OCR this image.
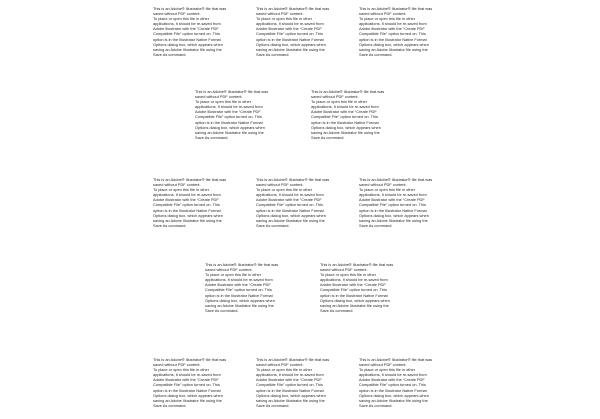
This is an Adobe® Illustrator® file that was
saved without PDF content.
To place or open this file in other
applications, it should be re-saved from
Adobe Illustrator with the “Create PDF
Compatible File” option turned on. This
option is in the Illustrator Native Format
Options dialog box, which appears when
saving an Adobe Illustrator file using the
Save As command.
This is an Adobe® Illustrator® file that was
saved without PDF content.
To place or open this file in other
applications, it should be re-saved from
Adobe Illustrator with the “Create PDF
Compatible File” option turned on. This
option is in the Illustrator Native Format
Options dialog box, which appears when
saving an Adobe Illustrator file using the
Save As command.
This is an Adobe® Illustrator® file that was
saved without PDF content.
To place or open this file in other
applications, it should be re-saved from
Adobe Illustrator with the “Create PDF
Compatible File” option turned on. This
option is in the Illustrator Native Format
Options dialog box, which appears when
saving an Adobe Illustrator file using the
Save As command.
This is an Adobe® Illustrator® file that was
saved without PDF content.
To place or open this file in other
applications, it should be re-saved from
Adobe Illustrator with the “Create PDF
Compatible File” option turned on. This
option is in the Illustrator Native Format
Options dialog box, which appears when
saving an Adobe Illustrator file using the
Save As command.
This is an Adobe® Illustrator® file that was
saved without PDF content.
To place or open this file in other
applications, it should be re-saved from
Adobe Illustrator with the “Create PDF
Compatible File” option turned on. This
option is in the Illustrator Native Format
Options dialog box, which appears when
saving an Adobe Illustrator file using the
Save As command.
This is an Adobe® Illustrator® file that was
saved without PDF content.
To place or open this file in other
applications, it should be re-saved from
Adobe Illustrator with the “Create PDF
Compatible File” option turned on. This
option is in the Illustrator Native Format
Options dialog box, which appears when
saving an Adobe Illustrator file using the
Save As command.
This is an Adobe® Illustrator® file that was
saved without PDF content.
To place or open this file in other
applications, it should be re-saved from
Adobe Illustrator with the “Create PDF
Compatible File” option turned on. This
option is in the Illustrator Native Format
Options dialog box, which appears when
saving an Adobe Illustrator file using the
Save As command.
This is an Adobe® Illustrator® file that was
saved without PDF content.
To place or open this file in other
applications, it should be re-saved from
Adobe Illustrator with the “Create PDF
Compatible File” option turned on. This
option is in the Illustrator Native Format
Options dialog box, which appears when
saving an Adobe Illustrator file using the
Save As command.
This is an Adobe® Illustrator® file that was
saved without PDF content.
To place or open this file in other
applications, it should be re-saved from
Adobe Illustrator with the “Create PDF
Compatible File” option turned on. This
option is in the Illustrator Native Format
Options dialog box, which appears when
saving an Adobe Illustrator file using the
Save As command.
This is an Adobe® Illustrator® file that was
saved without PDF content.
To place or open this file in other
applications, it should be re-saved from
Adobe Illustrator with the “Create PDF
Compatible File” option turned on. This
option is in the Illustrator Native Format
Options dialog box, which appears when
saving an Adobe Illustrator file using the
Save As command.
This is an Adobe® Illustrator® file that was
saved without PDF content.
To place or open this file in other
applications, it should be re-saved from
Adobe Illustrator with the “Create PDF
Compatible File” option turned on. This
option is in the Illustrator Native Format
Options dialog box, which appears when
saving an Adobe Illustrator file using the
Save As command.
This is an Adobe® Illustrator® file that was
saved without PDF content.
To place or open this file in other
applications, it should be re-saved from
Adobe Illustrator with the “Create PDF
Compatible File” option turned on. This
option is in the Illustrator Native Format
Options dialog box, which appears when
saving an Adobe Illustrator file using the
Save As command.
This is an Adobe® Illustrator® file that was
saved without PDF content.
To place or open this file in other
applications, it should be re-saved from
Adobe Illustrator with the “Create PDF
Compatible File” option turned on. This
option is in the Illustrator Native Format
Options dialog box, which appears when
saving an Adobe Illustrator file using the
Save As command.
